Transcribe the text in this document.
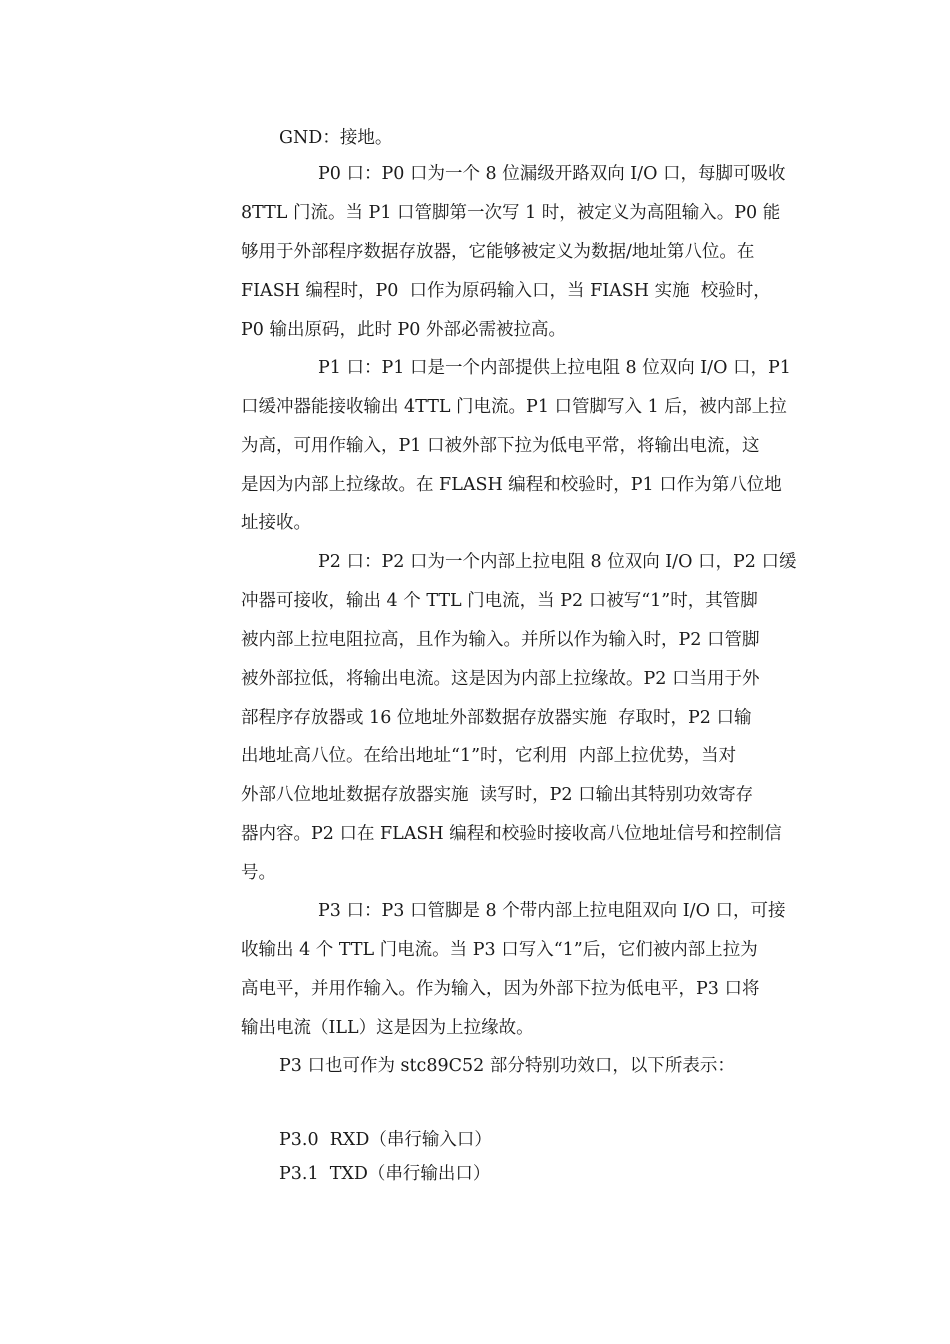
GND：接地。
P0 口：P0 口为一个 8 位漏级开路双向 I/O 口，每脚可吸收
8TTL 门流。当 P1 口管脚第一次写 1 时，被定义为高阻输入。P0 能
够用于外部程序数据存放器，它能够被定义为数据/地址第八位。在
FIASH 编程时，P0  口作为原码输入口，当 FIASH 实施  校验时，
P0 输出原码，此时 P0 外部必需被拉高。
P1 口：P1 口是一个内部提供上拉电阻 8 位双向 I/O 口，P1
口缓冲器能接收输出 4TTL 门电流。P1 口管脚写入 1 后，被内部上拉
为高，可用作输入，P1 口被外部下拉为低电平常，将输出电流，这
是因为内部上拉缘故。在 FLASH 编程和校验时，P1 口作为第八位地
址接收。
P2 口：P2 口为一个内部上拉电阻 8 位双向 I/O 口，P2 口缓
冲器可接收，输出 4 个 TTL 门电流，当 P2 口被写“1”时，其管脚
被内部上拉电阻拉高，且作为输入。并所以作为输入时，P2 口管脚
被外部拉低，将输出电流。这是因为内部上拉缘故。P2 口当用于外
部程序存放器或 16 位地址外部数据存放器实施  存取时，P2 口输
出地址高八位。在给出地址“1”时，它利用  内部上拉优势，当对
外部八位地址数据存放器实施  读写时，P2 口输出其特别功效寄存
器内容。P2 口在 FLASH 编程和校验时接收高八位地址信号和控制信
号。
P3 口：P3 口管脚是 8 个带内部上拉电阻双向 I/O 口，可接
收输出 4 个 TTL 门电流。当 P3 口写入“1”后，它们被内部上拉为
高电平，并用作输入。作为输入，因为外部下拉为低电平，P3 口将
输出电流（ILL）这是因为上拉缘故。
P3 口也可作为 stc89C52 部分特别功效口，以下所表示：
P3.0  RXD（串行输入口）
P3.1  TXD（串行输出口）
